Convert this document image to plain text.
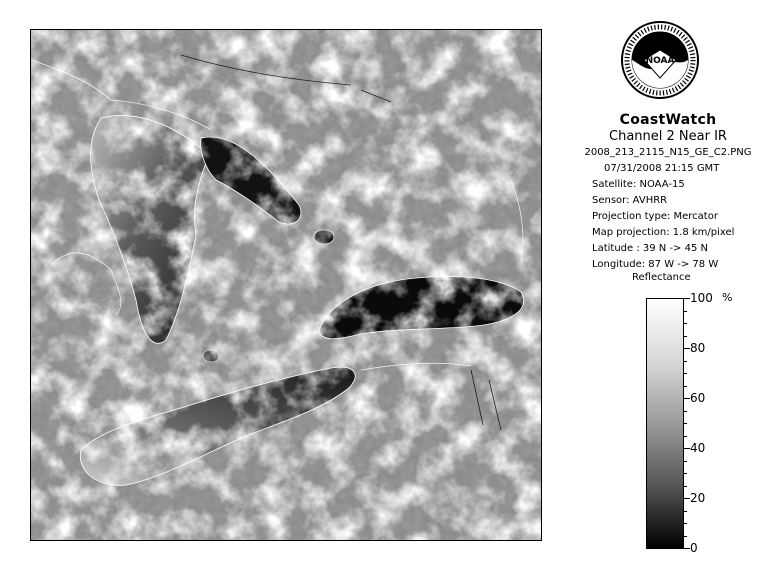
NOAA
CoastWatch
Channel 2 Near IR
2008_213_2115_N15_GE_C2.PNG
07/31/2008 21:15 GMT
Satellite: NOAA-15
Sensor: AVHRR
Projection type: Mercator
Map projection: 1.8 km/pixel
Latitude : 39 N -> 45 N
Longitude: 87 W -> 78 W
Reflectance
%
100
80
60
40
20
0
